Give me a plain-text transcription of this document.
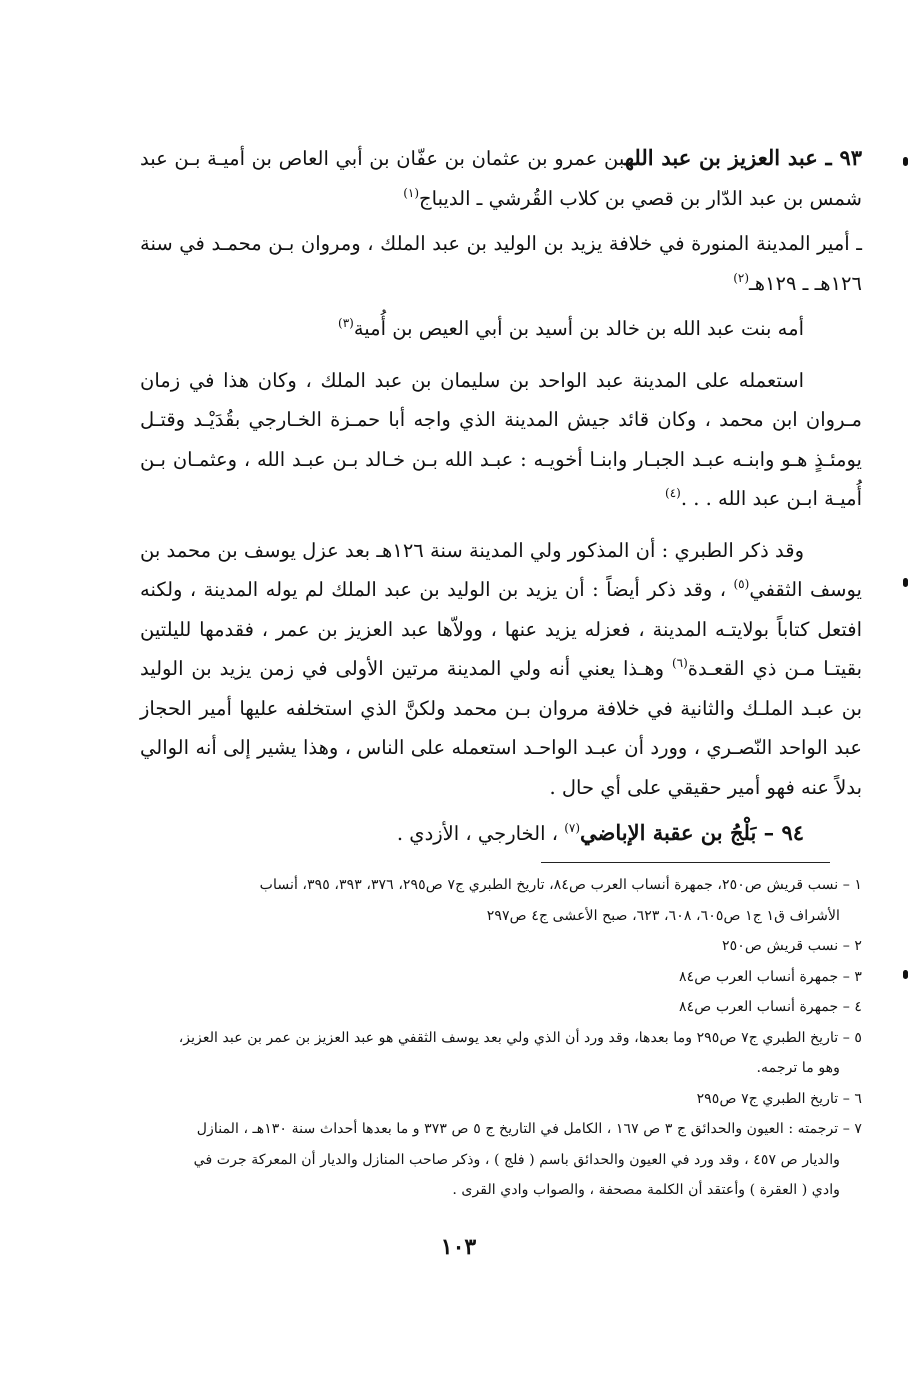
٩٣ ـ عبد العزيز بن عبد اللهبن عمرو بن عثمان بن عفّان بن أبي العاص بن أميـة بـن عبد شمس بن عبد الدّار بن قصي بن كلاب القُرشي ـ الديباج$^{(١)}$

ـ أمير المدينة المنورة في خلافة يزيد بن الوليد بن عبد الملك ، ومروان بـن محمـد في سنة ١٢٦هـ ـ ١٢٩هـ$^{(٢)}$

أمه بنت عبد الله بن خالد بن أسيد بن أبي العيص بن أُمية$^{(٣)}$

استعمله على المدينة عبد الواحد بن سليمان بن عبد الملك ، وكان هذا في زمان مـروان ابن محمد ، وكان قائد جيش المدينة الذي واجه أبا حمـزة الخـارجي بقُدَيْـد وقتـل يومئـذٍ هـو وابنـه عبـد الجبـار وابنـا أخويـه : عبـد الله بـن خـالد بـن عبـد الله ، وعثمـان بـن أُميـة ابـن عبد الله . . .$^{(٤)}$

وقد ذكر الطبري : أن المذكور ولي المدينة سنة ١٢٦هـ بعد عزل يوسف بن محمد بن يوسف الثقفي$^{(٥)}$ ، وقد ذكر أيضاً : أن يزيد بن الوليد بن عبد الملك لم يوله المدينة ، ولكنه افتعل كتاباً بولايتـه المدينة ، فعزله يزيد عنها ، وولاّها عبد العزيز بن عمر ، فقدمها لليلتين بقيتـا مـن ذي القعـدة$^{(٦)}$ وهـذا يعني أنه ولي المدينة مرتين الأولى في زمن يزيد بن الوليد بن عبـد الملـك والثانية في خلافة مروان بـن محمد ولكنَّ الذي استخلفه عليها أمير الحجاز عبد الواحد النّصـري ، وورد أن عبـد الواحـد استعمله على الناس ، وهذا يشير إلى أنه الوالي بدلاً عنه فهو أمير حقيقي على أي حال .

٩٤ – بَلْجُ بن عقبة الإباضي$^{(٧)}$ ، الخارجي ، الأزدي .

١ – نسب قريش ص٢٥٠، جمهرة أنساب العرب ص٨٤، تاريخ الطبري ج٧ ص٢٩٥، ٣٧٦، ٣٩٣، ٣٩٥، أنساب
الأشراف ق١ ج١ ص٦٠٥، ٦٠٨، ٦٢٣، صبح الأعشى ج٤ ص٢٩٧
٢ – نسب قريش ص٢٥٠
٣ – جمهرة أنساب العرب ص٨٤
٤ – جمهرة أنساب العرب ص٨٤
٥ – تاريخ الطبري ج٧ ص٢٩٥ وما بعدها، وقد ورد أن الذي ولي بعد يوسف الثقفي هو عبد العزيز بن عمر بن عبد العزيز،
وهو ما ترجمه.
٦ – تاريخ الطبري ج٧ ص٢٩٥
٧ – ترجمته : العيون والحدائق ج ٣ ص ١٦٧ ، الكامل في التاريخ ج ٥ ص ٣٧٣ و ما بعدها أحداث سنة ١٣٠هـ ، المنازل
والديار ص ٤٥٧ ، وقد ورد في العيون والحدائق باسم ( فلج ) ، وذكر صاحب المنازل والديار أن المعركة جرت في
وادي ( العقرة ) وأعتقد أن الكلمة مصحفة ، والصواب وادي القرى .
١٠٣
